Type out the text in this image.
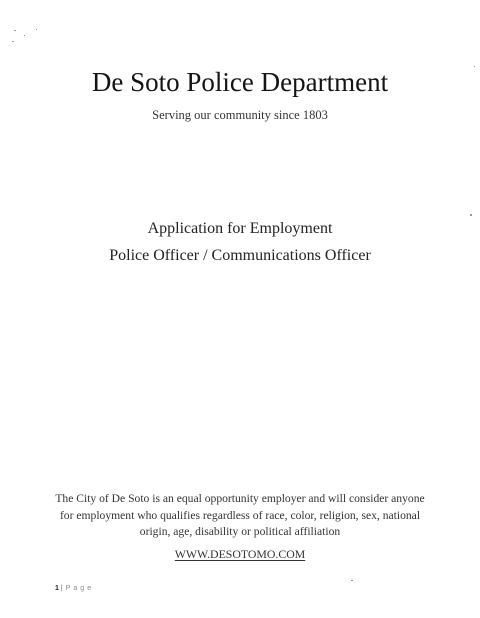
De Soto Police Department
Serving our community since 1803
Application for Employment
Police Officer / Communications Officer
The City of De Soto is an equal opportunity employer and will consider anyone for employment who qualifies regardless of race, color, religion, sex, national origin, age, disability or political affiliation
WWW.DESOTOMO.COM
1 | Page
